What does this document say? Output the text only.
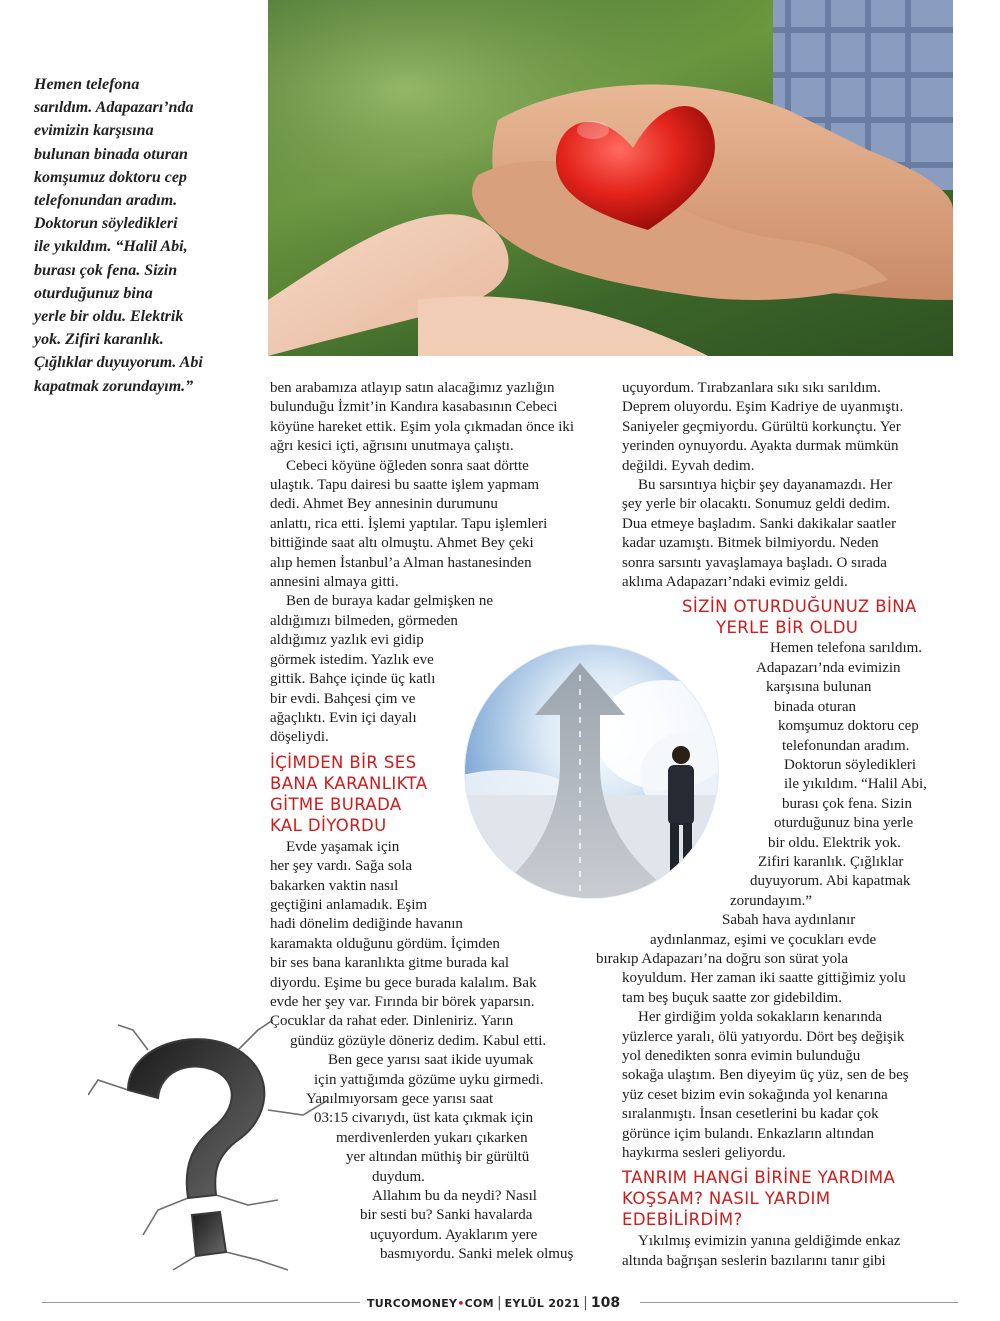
Hemen telefona
sarıldım. Adapazarı’nda
evimizin karşısına
bulunan binada oturan
komşumuz doktoru cep
telefonundan aradım.
Doktorun söyledikleri
ile yıkıldım. “Halil Abi,
burası çok fena. Sizin
oturduğunuz bina
yerle bir oldu. Elektrik
yok. Zifiri karanlık.
Çığlıklar duyuyorum. Abi
kapatmak zorundayım.”	ben arabamıza atlayıp satın alacağımız yazlığın
bulunduğu İzmit’in Kandıra kasabasının Cebeci
köyüne hareket ettik. Eşim yola çıkmadan önce iki
ağrı kesici içti, ağrısını unutmaya çalıştı.

Cebeci köyüne öğleden sonra saat dörtte
ulaştık. Tapu dairesi bu saatte işlem yapmam
dedi. Ahmet Bey annesinin durumunu
anlattı, rica etti. İşlemi yaptılar. Tapu işlemleri
bittiğinde saat altı olmuştu. Ahmet Bey çeki
alıp hemen İstanbul’a Alman hastanesinden
annesini almaya gitti.

Ben de buraya kadar gelmişken ne
aldığımızı bilmeden, görmeden
aldığımız yazlık evi gidip
görmek istedim. Yazlık eve
gittik. Bahçe içinde üç katlı
bir evdi. Bahçesi çim ve
ağaçlıktı. Evin içi dayalı
döşeliydi.

İÇİMDEN BİR SES
BANA KARANLIKTA
GİTME BURADA
KAL DİYORDU

Evde yaşamak için
her şey vardı. Sağa sola
bakarken vaktin nasıl
geçtiğini anlamadık. Eşim
hadi dönelim dediğinde havanın
karamakta olduğunu gördüm. İçimden
bir ses bana karanlıkta gitme burada kal
diyordu. Eşime bu gece burada kalalım. Bak
evde her şey var. Fırında bir börek yaparsın.
Çocuklar da rahat eder. Dinleniriz. Yarın
gündüz gözüyle döneriz dedim. Kabul etti.

Ben gece yarısı saat ikide uyumak
için yattığımda gözüme uyku girmedi.
Yanılmıyorsam gece yarısı saat
03:15 civarıydı, üst kata çıkmak için
merdivenlerden yukarı çıkarken
yer altından müthiş bir gürültü
duydum.

Allahım bu da neydi? Nasıl
bir sesti bu? Sanki havalarda
uçuyordum. Ayaklarım yere
basmıyordu. Sanki melek olmuş

uçuyordum. Tırabzanlara sıkı sıkı sarıldım.
Deprem oluyordu. Eşim Kadriye de uyanmıştı.
Saniyeler geçmiyordu. Gürültü korkunçtu. Yer
yerinden oynuyordu. Ayakta durmak mümkün
değildi. Eyvah dedim.

Bu sarsıntıya hiçbir şey dayanamazdı. Her
şey yerle bir olacaktı. Sonumuz geldi dedim.
Dua etmeye başladım. Sanki dakikalar saatler
kadar uzamıştı. Bitmek bilmiyordu. Neden
sonra sarsıntı yavaşlamaya başladı. O sırada
aklıma Adapazarı’ndaki evimiz geldi.

SİZİN OTURDUĞUNUZ BİNA
YERLE BİR OLDU

Hemen telefona sarıldım.
Adapazarı’nda evimizin
karşısına bulunan
binada oturan
komşumuz doktoru cep
telefonundan aradım.
Doktorun söyledikleri
ile yıkıldım. “Halil Abi,
burası çok fena. Sizin
oturduğunuz bina yerle
bir oldu. Elektrik yok.
Zifiri karanlık. Çığlıklar
duyuyorum. Abi kapatmak
zorundayım.”

Sabah hava aydınlanır
aydınlanmaz, eşimi ve çocukları evde
bırakıp Adapazarı’na doğru son sürat yola
koyuldum. Her zaman iki saatte gittiğimiz yolu
tam beş buçuk saatte zor gidebildim.

Her girdiğim yolda sokakların kenarında
yüzlerce yaralı, ölü yatıyordu. Dört beş değişik
yol denedikten sonra evimin bulunduğu
sokağa ulaştım. Ben diyeyim üç yüz, sen de beş
yüz ceset bizim evin sokağında yol kenarına
sıralanmıştı. İnsan cesetlerini bu kadar çok
görünce içim bulandı. Enkazların altından
haykırma sesleri geliyordu.

TANRIM HANGİ BİRİNE YARDIMA
KOŞSAM? NASIL YARDIM
EDEBİLİRDİM?

Yıkılmış evimizin yanına geldiğimde enkaz
altında bağrışan seslerin bazılarını tanır gibi

TURCOMONEY•COM | EYLÜL 2021 | 108
